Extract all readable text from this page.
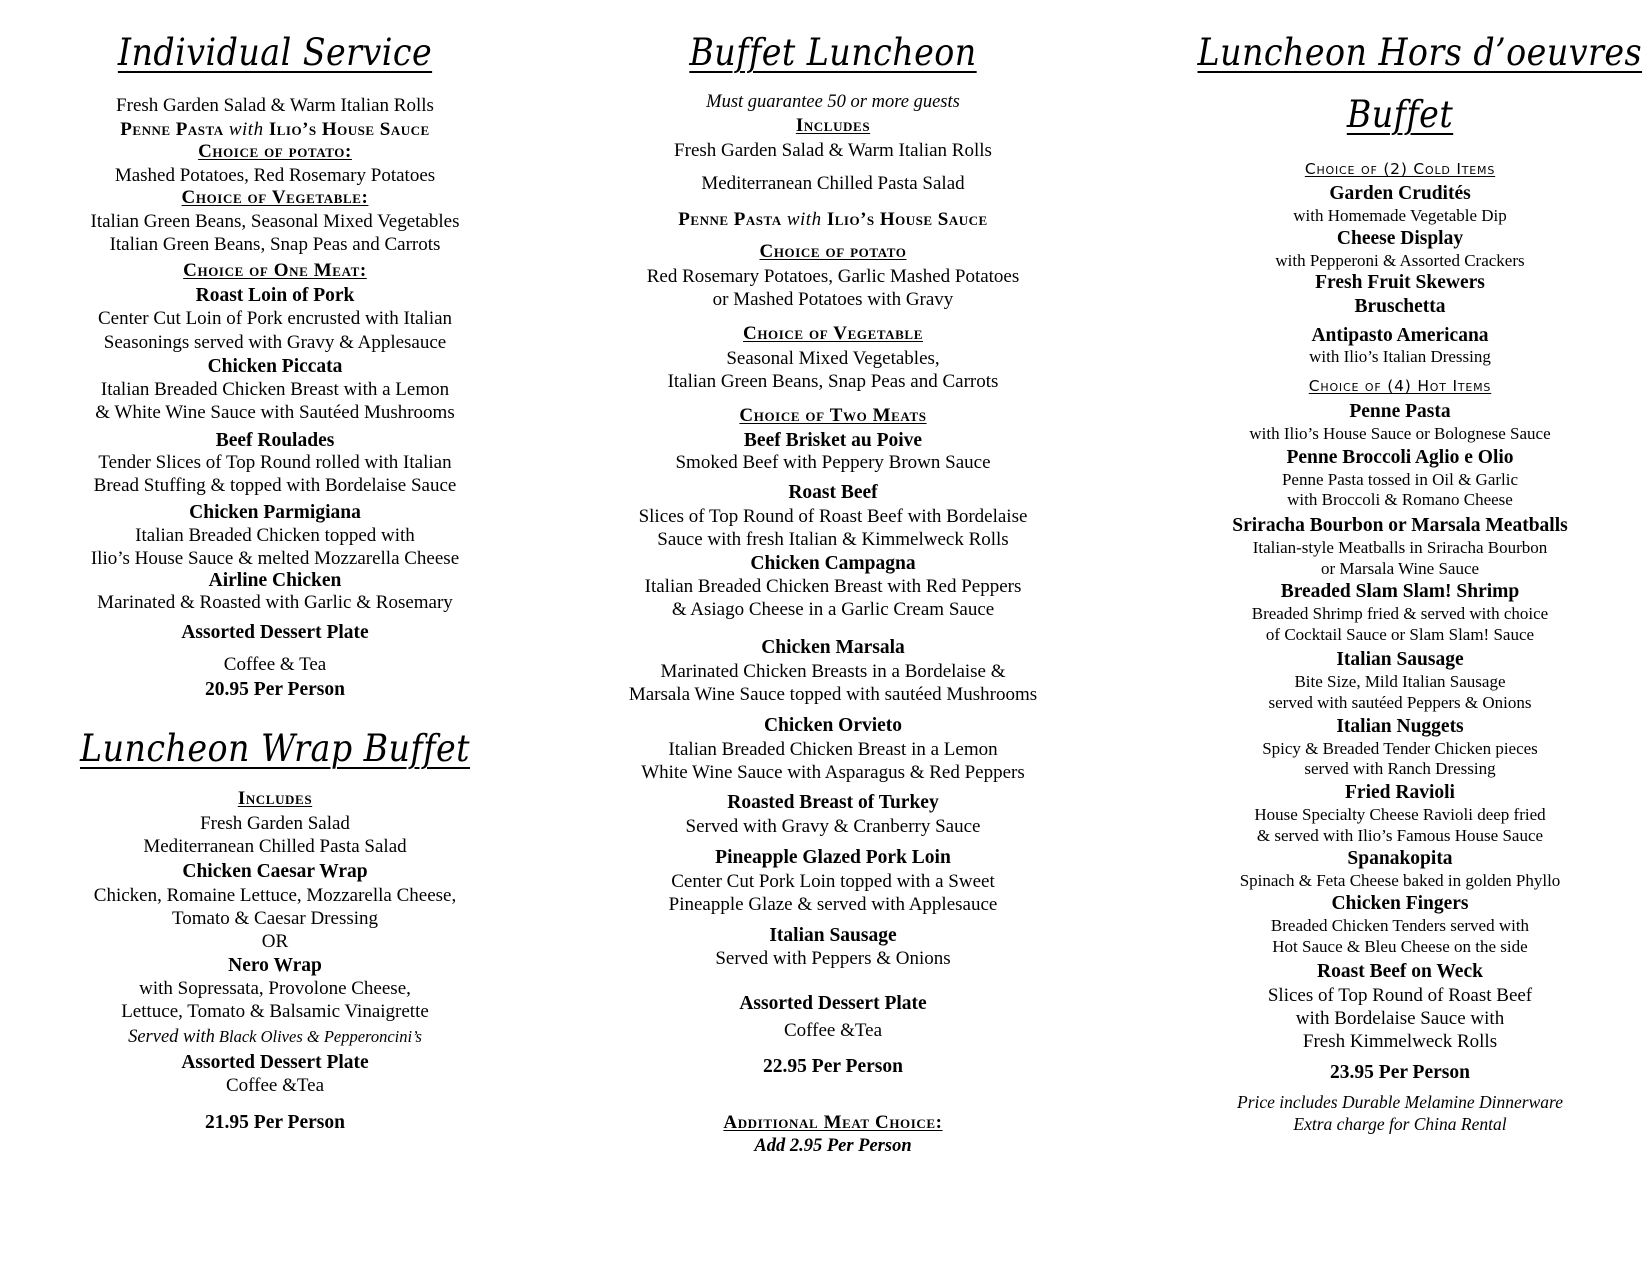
Individual Service
Fresh Garden Salad & Warm Italian Rolls
Penne Pasta with Ilio’s House Sauce
Choice of potato:
Mashed Potatoes, Red Rosemary Potatoes
Choice of Vegetable:
Italian Green Beans, Seasonal Mixed Vegetables
Italian Green Beans, Snap Peas and Carrots
Choice of One Meat:
Roast Loin of Pork
Center Cut Loin of Pork encrusted with Italian
Seasonings served with Gravy & Applesauce
Chicken Piccata
Italian Breaded Chicken Breast with a Lemon
& White Wine Sauce with Sautéed Mushrooms
Beef Roulades
Tender Slices of Top Round rolled with Italian
Bread Stuffing & topped with Bordelaise Sauce
Chicken Parmigiana
Italian Breaded Chicken topped with
Ilio’s House Sauce & melted Mozzarella Cheese
Airline Chicken
Marinated & Roasted with Garlic & Rosemary
Assorted Dessert Plate
Coffee & Tea
20.95 Per Person
Luncheon Wrap Buffet
Includes
Fresh Garden Salad
Mediterranean Chilled Pasta Salad
Chicken Caesar Wrap
Chicken, Romaine Lettuce, Mozzarella Cheese,
Tomato & Caesar Dressing
OR
Nero Wrap
with Sopressata, Provolone Cheese,
Lettuce, Tomato & Balsamic Vinaigrette
Served with Black Olives & Pepperoncini’s
Assorted Dessert Plate
Coffee &Tea
21.95 Per Person
Buffet Luncheon
Must guarantee 50 or more guests
Includes
Fresh Garden Salad & Warm Italian Rolls
Mediterranean Chilled Pasta Salad
Penne Pasta with Ilio’s House Sauce
Choice of potato
Red Rosemary Potatoes, Garlic Mashed Potatoes
or Mashed Potatoes with Gravy
Choice of Vegetable
Seasonal Mixed Vegetables,
Italian Green Beans, Snap Peas and Carrots
Choice of Two Meats
Beef Brisket au Poive
Smoked Beef with Peppery Brown Sauce
Roast Beef
Slices of Top Round of Roast Beef with Bordelaise
Sauce with fresh Italian & Kimmelweck Rolls
Chicken Campagna
Italian Breaded Chicken Breast with Red Peppers
& Asiago Cheese in a Garlic Cream Sauce
Chicken Marsala
Marinated Chicken Breasts in a Bordelaise &
Marsala Wine Sauce topped with sautéed Mushrooms
Chicken Orvieto
Italian Breaded Chicken Breast in a Lemon
White Wine Sauce with Asparagus & Red Peppers
Roasted Breast of Turkey
Served with Gravy & Cranberry Sauce
Pineapple Glazed Pork Loin
Center Cut Pork Loin topped with a Sweet
Pineapple Glaze & served with Applesauce
Italian Sausage
Served with Peppers & Onions
Assorted Dessert Plate
Coffee &Tea
22.95 Per Person
Additional Meat Choice:
Add 2.95 Per Person
Luncheon Hors d’oeuvres
Buffet
Choice of (2) Cold Items
Garden Crudités
with Homemade Vegetable Dip
Cheese Display
with Pepperoni & Assorted Crackers
Fresh Fruit Skewers
Bruschetta
Antipasto Americana
with Ilio’s Italian Dressing
Choice of (4) Hot Items
Penne Pasta
with Ilio’s House Sauce or Bolognese Sauce
Penne Broccoli Aglio e Olio
Penne Pasta tossed in Oil & Garlic
with Broccoli & Romano Cheese
Sriracha Bourbon or Marsala Meatballs
Italian-style Meatballs in Sriracha Bourbon
or Marsala Wine Sauce
Breaded Slam Slam! Shrimp
Breaded Shrimp fried & served with choice
of Cocktail Sauce or Slam Slam! Sauce
Italian Sausage
Bite Size, Mild Italian Sausage
served with sautéed Peppers & Onions
Italian Nuggets
Spicy & Breaded Tender Chicken pieces
served with Ranch Dressing
Fried Ravioli
House Specialty Cheese Ravioli deep fried
& served with Ilio’s Famous House Sauce
Spanakopita
Spinach & Feta Cheese baked in golden Phyllo
Chicken Fingers
Breaded Chicken Tenders served with
Hot Sauce & Bleu Cheese on the side
Roast Beef on Weck
Slices of Top Round of Roast Beef
with Bordelaise Sauce with
Fresh Kimmelweck Rolls
23.95 Per Person
Price includes Durable Melamine Dinnerware
Extra charge for China Rental
